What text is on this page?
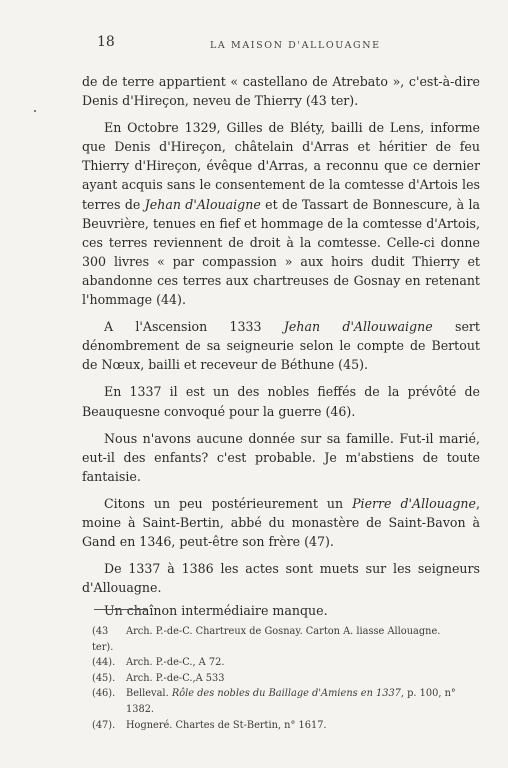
18	LA MAISON D'ALLOUAGNE

de de terre appartient « castellano de Atrebato », c'est-à-dire Denis d'Hireçon, neveu de Thierry (43 ter).

En Octobre 1329, Gilles de Bléty, bailli de Lens, informe que Denis d'Hireçon, châtelain d'Arras et héritier de feu Thierry d'Hireçon, évêque d'Arras, a reconnu que ce dernier ayant acquis sans le consentement de la comtesse d'Artois les terres de Jehan d'Alouaigne et de Tassart de Bonnescure, à la Beuvrière, tenues en fief et hommage de la comtesse d'Artois, ces terres reviennent de droit à la comtesse. Celle-ci donne 300 livres « par compassion » aux hoirs dudit Thierry et abandonne ces terres aux chartreuses de Gosnay en retenant l'hommage (44).

A l'Ascension 1333 Jehan d'Allouwaigne sert dénombrement de sa seigneurie selon le compte de Bertout de Nœux, bailli et receveur de Béthune (45).

En 1337 il est un des nobles fieffés de la prévôté de Beauquesne convoqué pour la guerre (46).

Nous n'avons aucune donnée sur sa famille. Fut-il marié, eut-il des enfants? c'est probable. Je m'abstiens de toute fantaisie.

Citons un peu postérieurement un Pierre d'Allouagne, moine à Saint-Bertin, abbé du monastère de Saint-Bavon à Gand en 1346, peut-être son frère (47).

De 1337 à 1386 les actes sont muets sur les seigneurs d'Allouagne.

Un chaînon intermédiaire manque.

(43 ter).
Arch. P.-de-C. Chartreux de Gosnay. Carton A. liasse Allouagne.
(44).	Arch. P.-de-C., A 72.
(45).	Arch. P.-de-C.,A 533
(46).	Belleval. Rôle des nobles du Baillage d'Amiens en 1337, p. 100, n° 1382.
(47).	Hogneré. Chartes de St-Bertin, n° 1617.
